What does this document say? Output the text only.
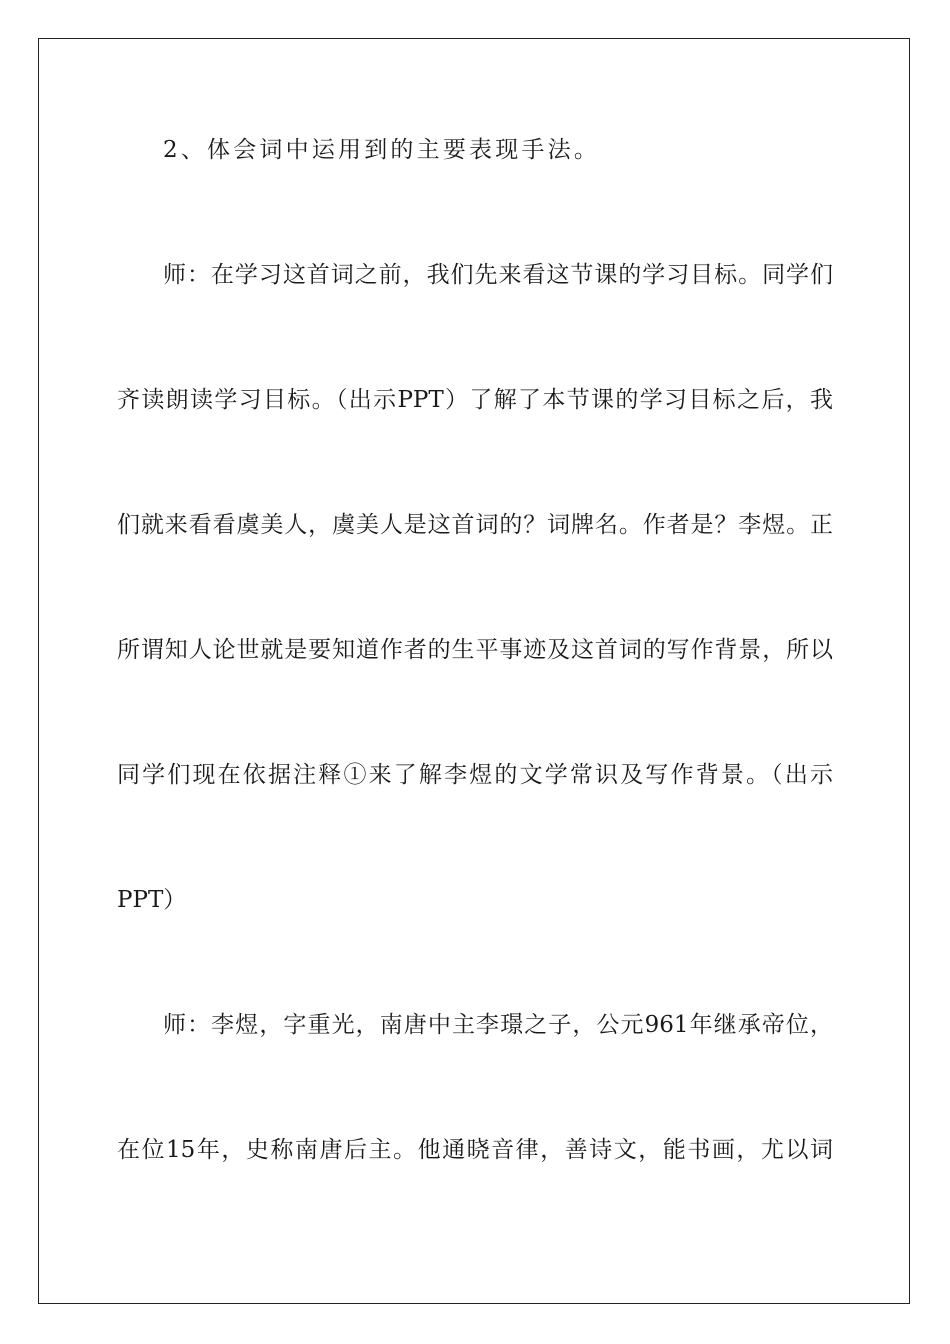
2、体会词中运用到的主要表现手法。

师：在学习这首词之前，我们先来看这节课的学习目标。同学们

齐读朗读学习目标。（出示PPT）了解了本节课的学习目标之后，我

们就来看看虞美人，虞美人是这首词的？词牌名。作者是？李煜。正

所谓知人论世就是要知道作者的生平事迹及这首词的写作背景，所以

同学们现在依据注释①来了解李煜的文学常识及写作背景。（出示

PPT）

师：李煜，字重光，南唐中主李璟之子，公元961年继承帝位，

在位15年，史称南唐后主。他通晓音律，善诗文，能书画，尤以词
